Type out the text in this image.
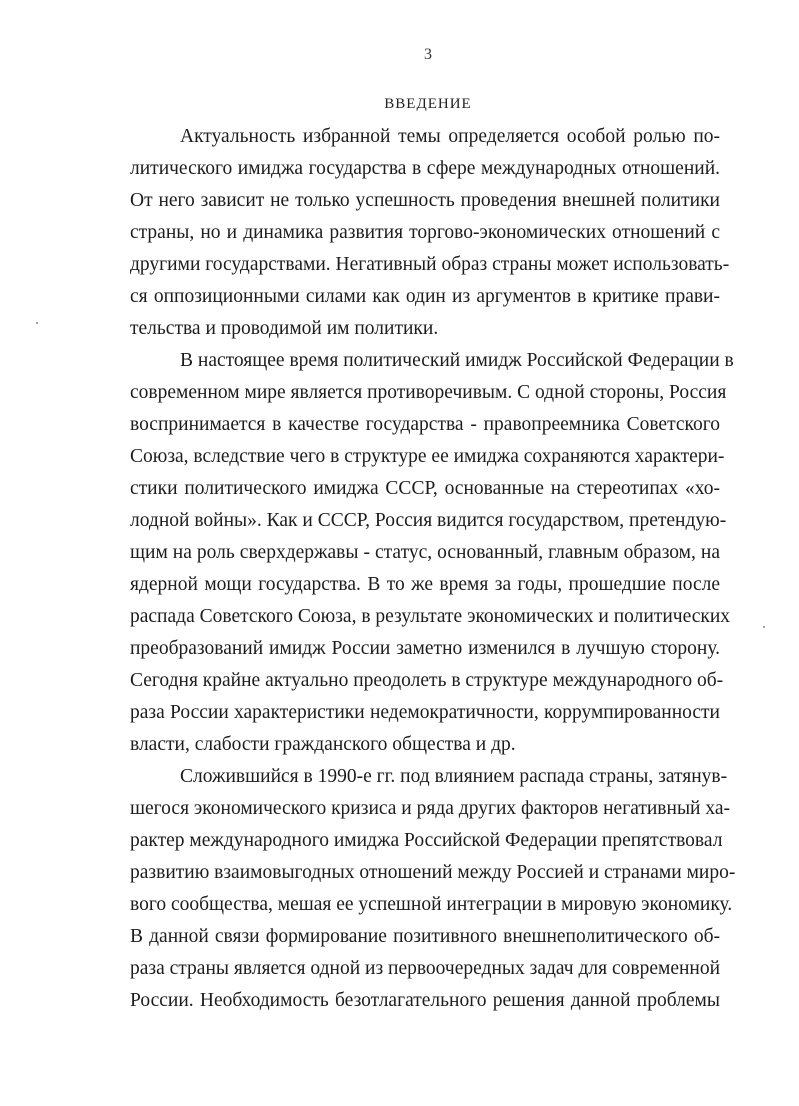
3
ВВЕДЕНИЕ
Актуальность избранной темы определяется особой ролью по-
литического имиджа государства в сфере международных отношений.
От него зависит не только успешность проведения внешней политики
страны, но и динамика развития торгово-экономических отношений с
другими государствами. Негативный образ страны может использовать-
ся оппозиционными силами как один из аргументов в критике прави-
тельства и проводимой им политики.
В настоящее время политический имидж Российской Федерации в
современном мире является противоречивым. С одной стороны, Россия
воспринимается в качестве государства - правопреемника Советского
Союза, вследствие чего в структуре ее имиджа сохраняются характери-
стики политического имиджа СССР, основанные на стереотипах «хо-
лодной войны». Как и СССР, Россия видится государством, претендую-
щим на роль сверхдержавы - статус, основанный, главным образом, на
ядерной мощи государства. В то же время за годы, прошедшие после
распада Советского Союза, в результате экономических и политических
преобразований имидж России заметно изменился в лучшую сторону.
Сегодня крайне актуально преодолеть в структуре международного об-
раза России характеристики недемократичности, коррумпированности
власти, слабости гражданского общества и др.
Сложившийся в 1990-е гг. под влиянием распада страны, затянув-
шегося экономического кризиса и ряда других факторов негативный ха-
рактер международного имиджа Российской Федерации препятствовал
развитию взаимовыгодных отношений между Россией и странами миро-
вого сообщества, мешая ее успешной интеграции в мировую экономику.
В данной связи формирование позитивного внешнеполитического об-
раза страны является одной из первоочередных задач для современной
России. Необходимость безотлагательного решения данной проблемы
